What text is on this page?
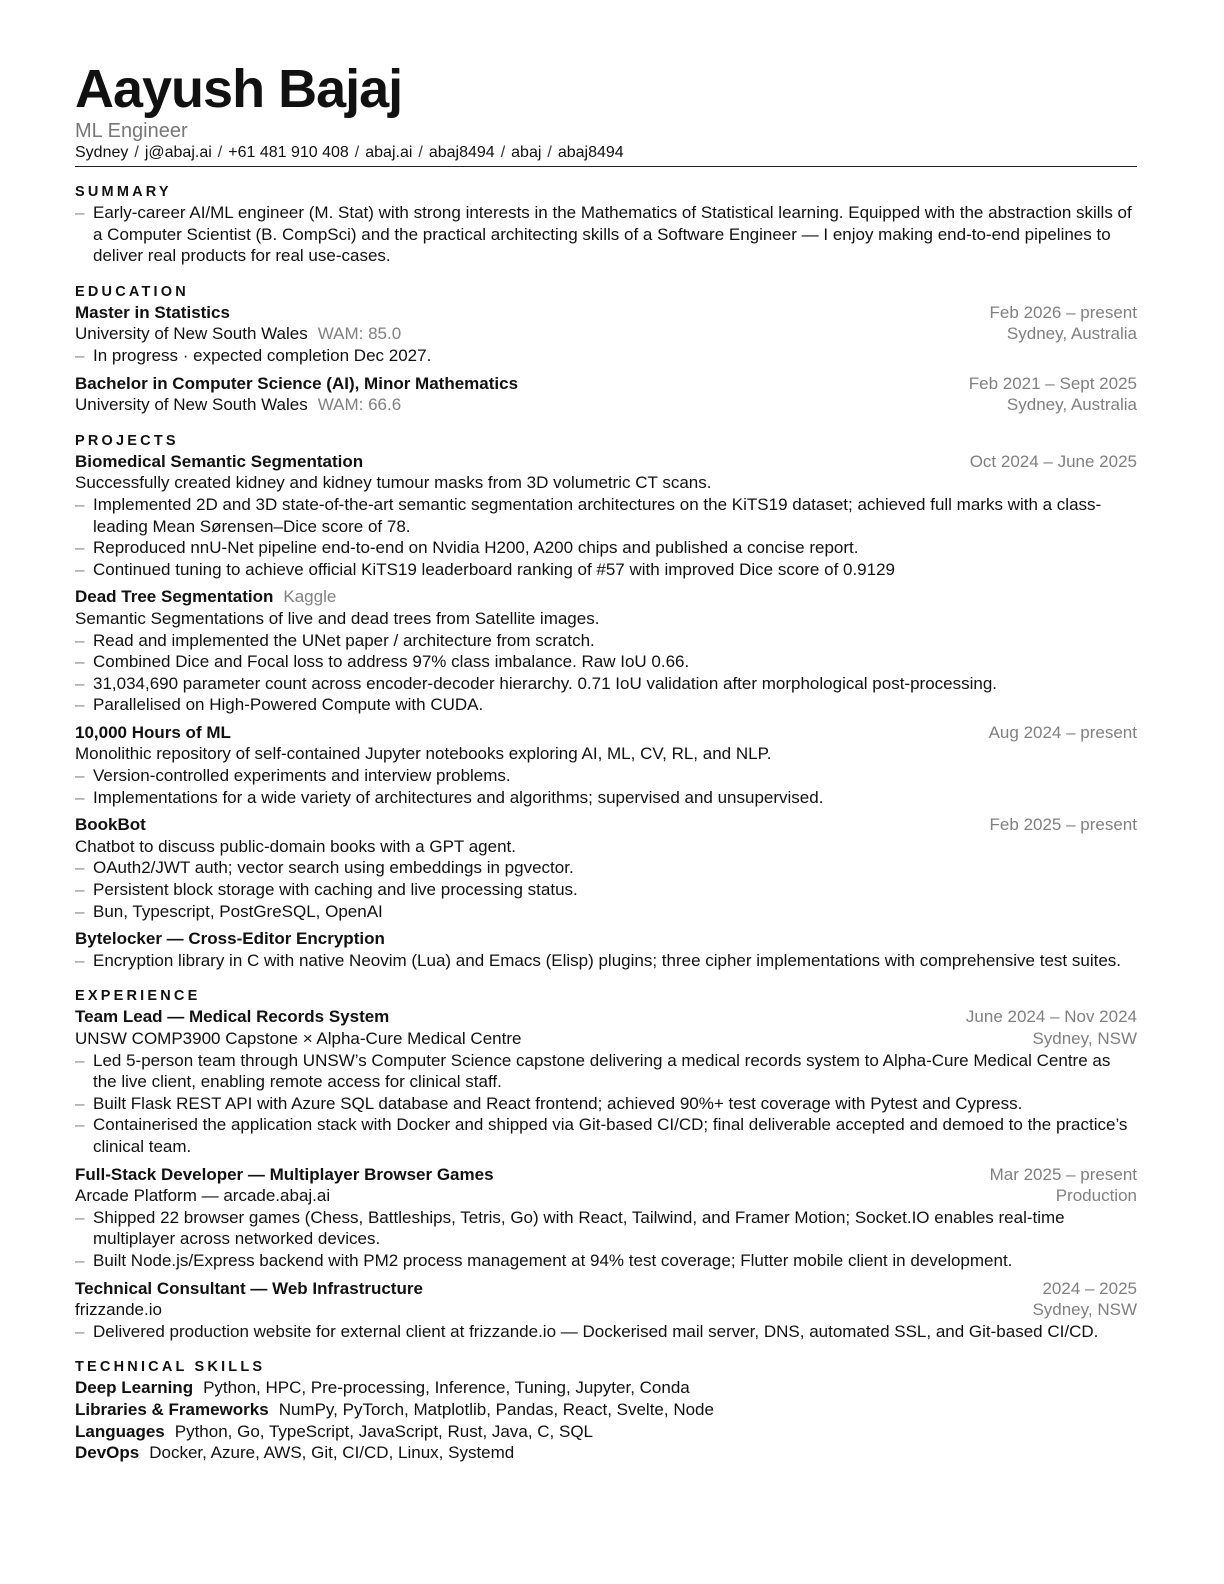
Aayush Bajaj
ML Engineer
Sydney / j@abaj.ai / +61 481 910 408 / abaj.ai / abaj8494 / abaj / abaj8494
SUMMARY
– Early-career AI/ML engineer (M. Stat) with strong interests in the Mathematics of Statistical learning. Equipped with the abstraction skills of a Computer Scientist (B. CompSci) and the practical architecting skills of a Software Engineer — I enjoy making end-to-end pipelines to deliver real products for real use-cases.
EDUCATION
Master in Statistics	Feb 2026 – present
University of New South Wales WAM: 85.0	Sydney, Australia
– In progress · expected completion Dec 2027.
Bachelor in Computer Science (AI), Minor Mathematics	Feb 2021 – Sept 2025
University of New South Wales WAM: 66.6	Sydney, Australia
PROJECTS
Biomedical Semantic Segmentation	Oct 2024 – June 2025
Successfully created kidney and kidney tumour masks from 3D volumetric CT scans.
– Implemented 2D and 3D state-of-the-art semantic segmentation architectures on the KiTS19 dataset; achieved full marks with a class-leading Mean Sørensen–Dice score of 78.
– Reproduced nnU-Net pipeline end-to-end on Nvidia H200, A200 chips and published a concise report.
– Continued tuning to achieve official KiTS19 leaderboard ranking of #57 with improved Dice score of 0.9129
Dead Tree Segmentation Kaggle
Semantic Segmentations of live and dead trees from Satellite images.
– Read and implemented the UNet paper / architecture from scratch.
– Combined Dice and Focal loss to address 97% class imbalance. Raw IoU 0.66.
– 31,034,690 parameter count across encoder-decoder hierarchy. 0.71 IoU validation after morphological post-processing.
– Parallelised on High-Powered Compute with CUDA.
10,000 Hours of ML	Aug 2024 – present
Monolithic repository of self-contained Jupyter notebooks exploring AI, ML, CV, RL, and NLP.
– Version-controlled experiments and interview problems.
– Implementations for a wide variety of architectures and algorithms; supervised and unsupervised.
BookBot	Feb 2025 – present
Chatbot to discuss public-domain books with a GPT agent.
– OAuth2/JWT auth; vector search using embeddings in pgvector.
– Persistent block storage with caching and live processing status.
– Bun, Typescript, PostGreSQL, OpenAI
Bytelocker — Cross-Editor Encryption
– Encryption library in C with native Neovim (Lua) and Emacs (Elisp) plugins; three cipher implementations with comprehensive test suites.
EXPERIENCE
Team Lead — Medical Records System	June 2024 – Nov 2024
UNSW COMP3900 Capstone × Alpha-Cure Medical Centre	Sydney, NSW
– Led 5-person team through UNSW’s Computer Science capstone delivering a medical records system to Alpha-Cure Medical Centre as the live client, enabling remote access for clinical staff.
– Built Flask REST API with Azure SQL database and React frontend; achieved 90%+ test coverage with Pytest and Cypress.
– Containerised the application stack with Docker and shipped via Git-based CI/CD; final deliverable accepted and demoed to the practice’s clinical team.
Full-Stack Developer — Multiplayer Browser Games	Mar 2025 – present
Arcade Platform — arcade.abaj.ai	Production
– Shipped 22 browser games (Chess, Battleships, Tetris, Go) with React, Tailwind, and Framer Motion; Socket.IO enables real-time multiplayer across networked devices.
– Built Node.js/Express backend with PM2 process management at 94% test coverage; Flutter mobile client in development.
Technical Consultant — Web Infrastructure	2024 – 2025
frizzande.io	Sydney, NSW
– Delivered production website for external client at frizzande.io — Dockerised mail server, DNS, automated SSL, and Git-based CI/CD.
TECHNICAL SKILLS
Deep Learning Python, HPC, Pre-processing, Inference, Tuning, Jupyter, Conda
Libraries & Frameworks NumPy, PyTorch, Matplotlib, Pandas, React, Svelte, Node
Languages Python, Go, TypeScript, JavaScript, Rust, Java, C, SQL
DevOps Docker, Azure, AWS, Git, CI/CD, Linux, Systemd
